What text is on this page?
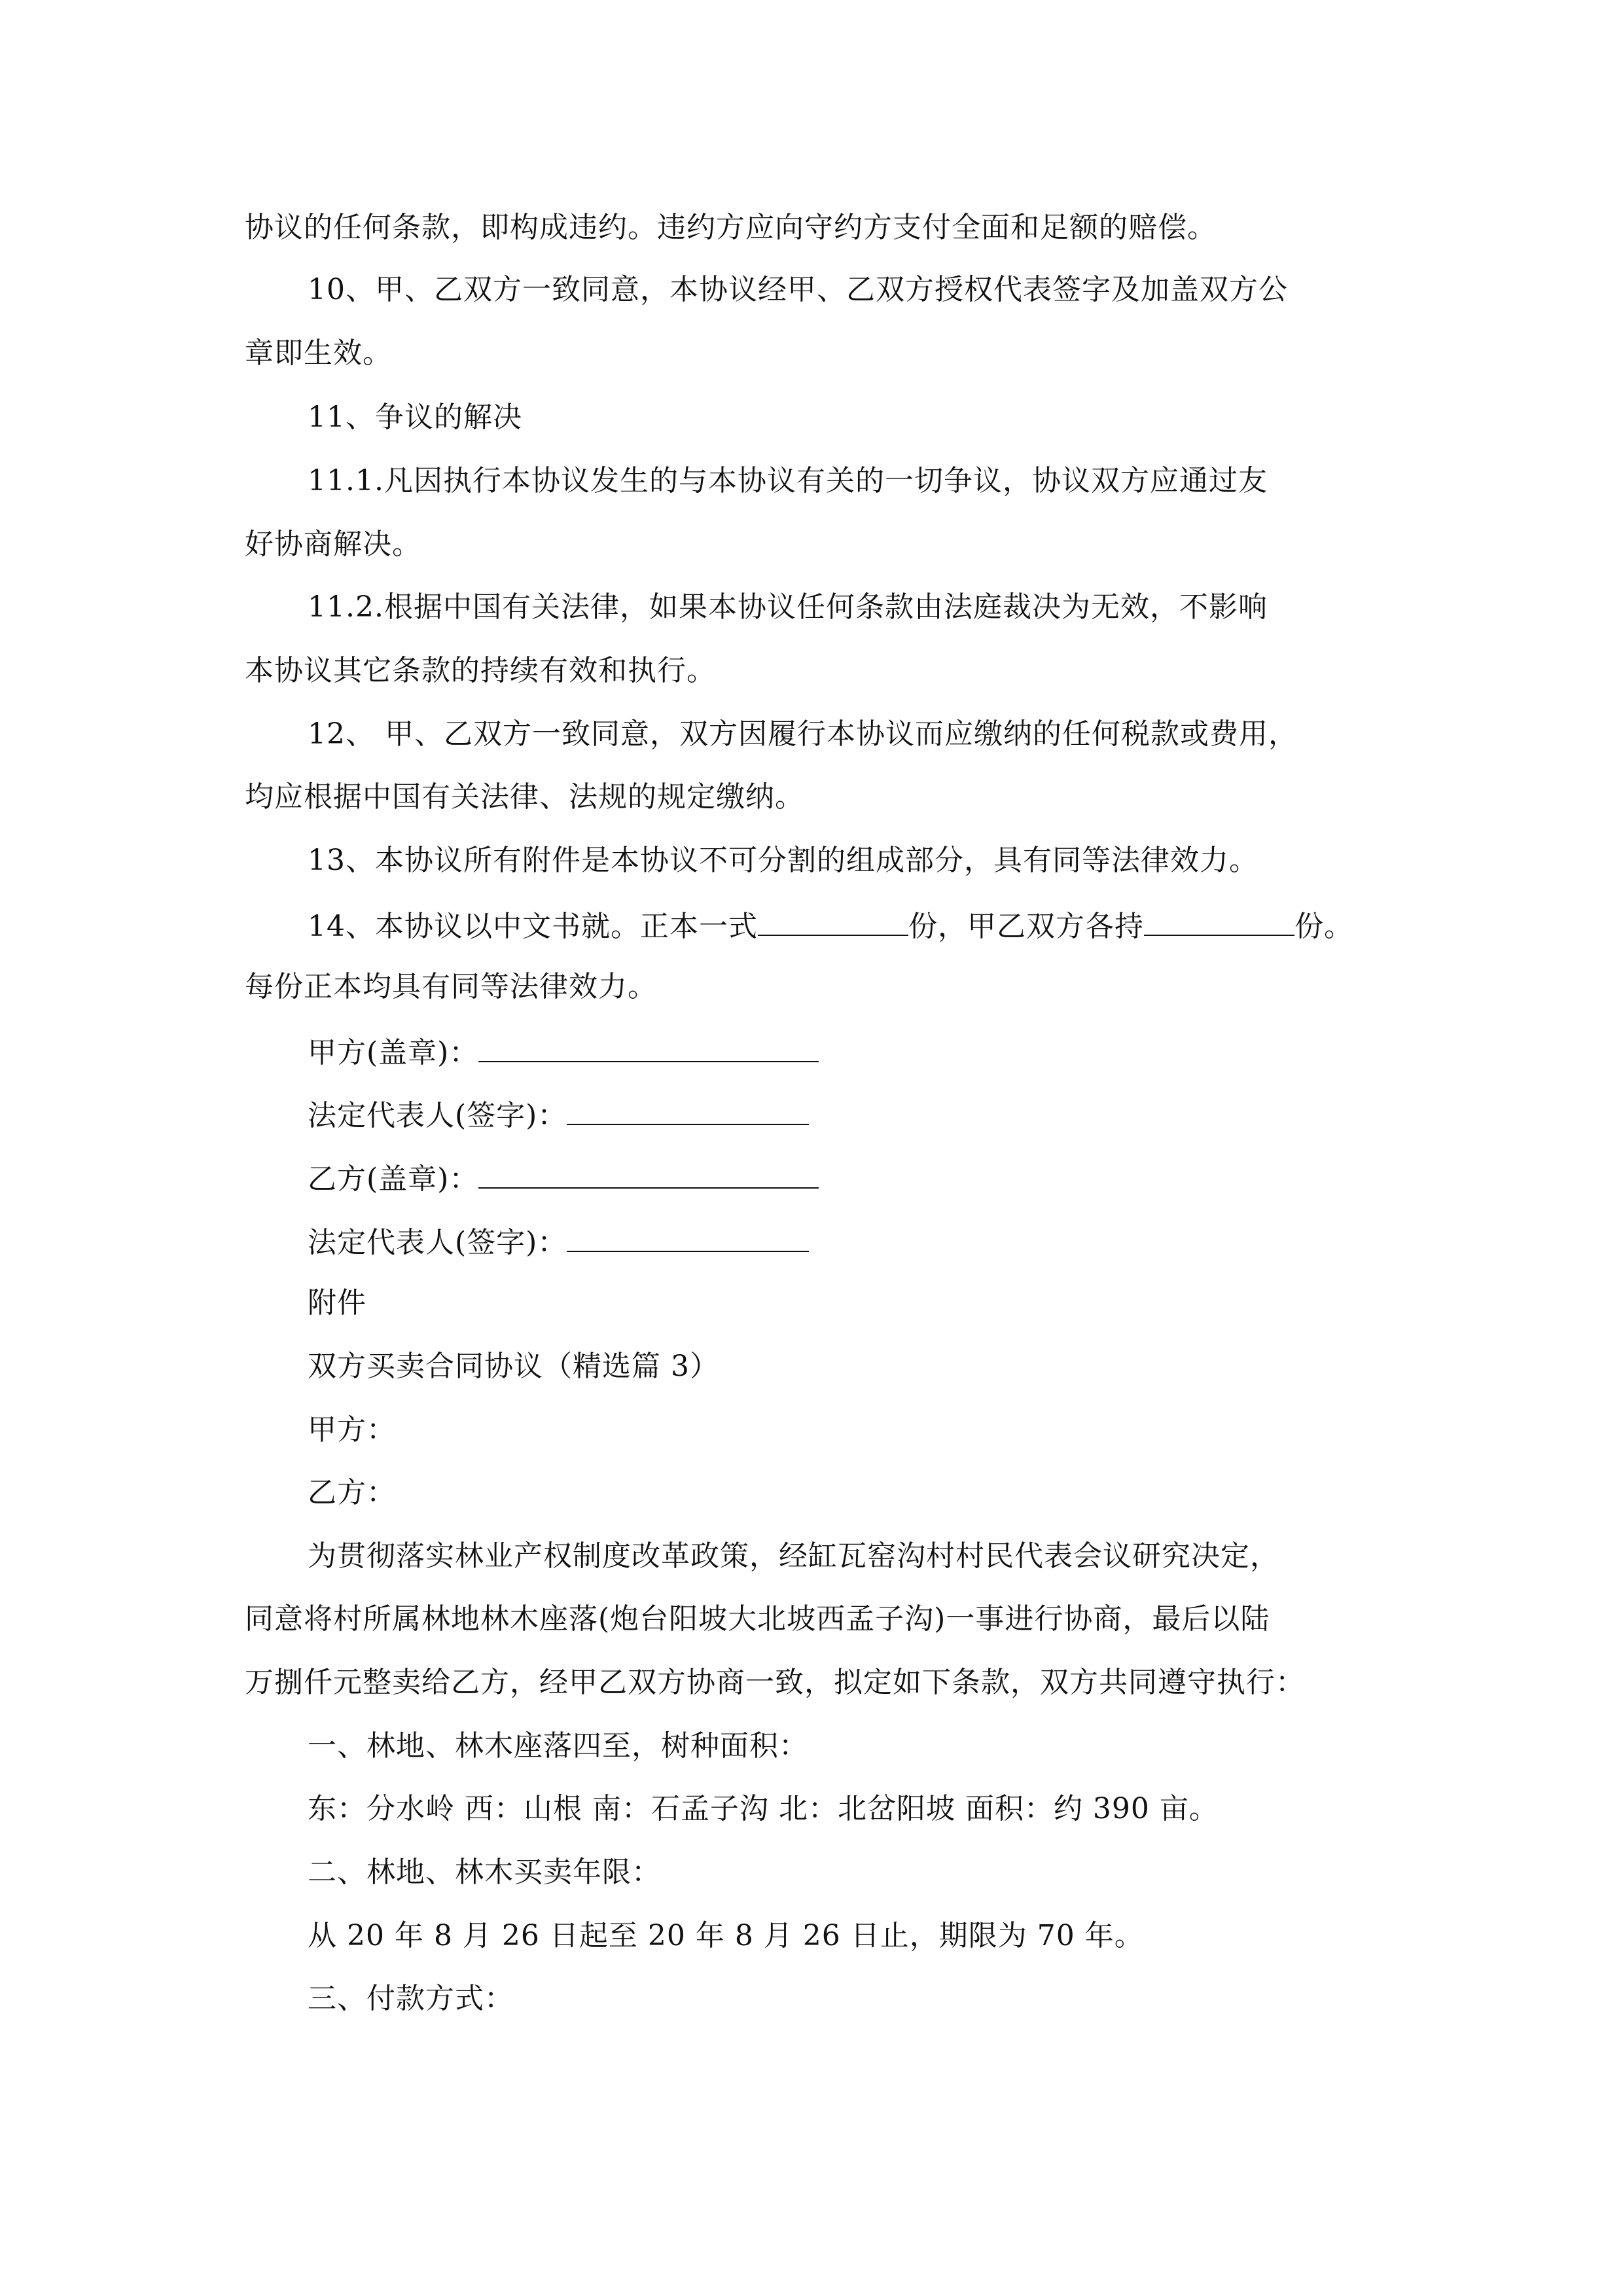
协议的任何条款，即构成违约。违约方应向守约方支付全面和足额的赔偿。
10、甲、乙双方一致同意，本协议经甲、乙双方授权代表签字及加盖双方公
章即生效。
11、争议的解决
11.1.凡因执行本协议发生的与本协议有关的一切争议，协议双方应通过友
好协商解决。
11.2.根据中国有关法律，如果本协议任何条款由法庭裁决为无效，不影响
本协议其它条款的持续有效和执行。
12、 甲、乙双方一致同意，双方因履行本协议而应缴纳的任何税款或费用，
均应根据中国有关法律、法规的规定缴纳。
13、本协议所有附件是本协议不可分割的组成部分，具有同等法律效力。
14、本协议以中文书就。正本一式	份，甲乙双方各持	份。
每份正本均具有同等法律效力。
甲方(盖章)：
法定代表人(签字)：
乙方(盖章)：
法定代表人(签字)：
附件
双方买卖合同协议（精选篇 3）
甲方：
乙方：
为贯彻落实林业产权制度改革政策，经缸瓦窑沟村村民代表会议研究决定，
同意将村所属林地林木座落(炮台阳坡大北坡西孟子沟)一事进行协商，最后以陆
万捌仟元整卖给乙方，经甲乙双方协商一致，拟定如下条款，双方共同遵守执行：
一、林地、林木座落四至，树种面积：
东：分水岭 西：山根 南：石孟子沟 北：北岔阳坡 面积：约 390 亩。
二、林地、林木买卖年限：
从 20 年 8 月 26 日起至 20 年 8 月 26 日止，期限为 70 年。
三、付款方式：
